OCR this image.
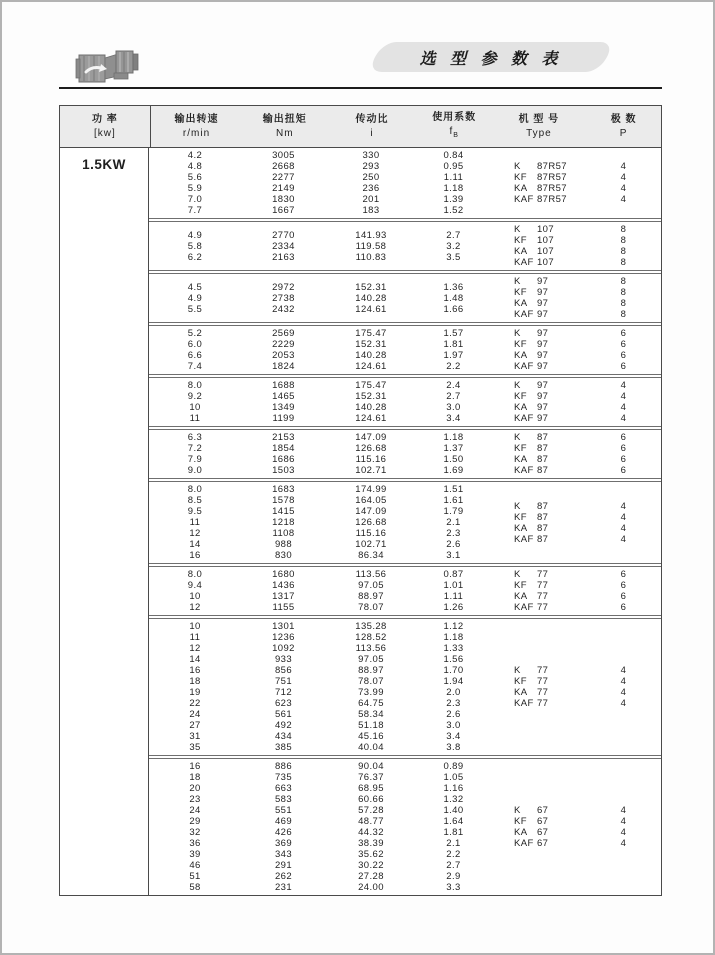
选 型 参 数 表
功 率
[kw]
输出转速
r/min
输出扭矩
Nm
传动比
i
使用系数
$f_B$
机 型 号
Type
极 数
P
1.5KW
4.2
4.8
5.6
5.9
7.0
7.7
3005
2668
2277
2149
1830
1667
330
293
250
236
201
183
0.84
0.95
1.11
1.18
1.39
1.52
K 87R57
KF 87R57
KA 87R57
KAF 87R57
4
4
4
4
4.9
5.8
6.2
2770
2334
2163
141.93
119.58
110.83
2.7
3.2
3.5
K 107
KF 107
KA 107
KAF 107
8
8
8
8
4.5
4.9
5.5
2972
2738
2432
152.31
140.28
124.61
1.36
1.48
1.66
K 97
KF 97
KA 97
KAF 97
8
8
8
8
5.2
6.0
6.6
7.4
2569
2229
2053
1824
175.47
152.31
140.28
124.61
1.57
1.81
1.97
2.2
K 97
KF 97
KA 97
KAF 97
6
6
6
6
8.0
9.2
10
11
1688
1465
1349
1199
175.47
152.31
140.28
124.61
2.4
2.7
3.0
3.4
K 97
KF 97
KA 97
KAF 97
4
4
4
4
6.3
7.2
7.9
9.0
2153
1854
1686
1503
147.09
126.68
115.16
102.71
1.18
1.37
1.50
1.69
K 87
KF 87
KA 87
KAF 87
6
6
6
6
8.0
8.5
9.5
11
12
14
16
1683
1578
1415
1218
1108
988
830
174.99
164.05
147.09
126.68
115.16
102.71
86.34
1.51
1.61
1.79
2.1
2.3
2.6
3.1
K 87
KF 87
KA 87
KAF 87
4
4
4
4
8.0
9.4
10
12
1680
1436
1317
1155
113.56
97.05
88.97
78.07
0.87
1.01
1.11
1.26
K 77
KF 77
KA 77
KAF 77
6
6
6
6
10
11
12
14
16
18
19
22
24
27
31
35
1301
1236
1092
933
856
751
712
623
561
492
434
385
135.28
128.52
113.56
97.05
88.97
78.07
73.99
64.75
58.34
51.18
45.16
40.04
1.12
1.18
1.33
1.56
1.70
1.94
2.0
2.3
2.6
3.0
3.4
3.8
K 77
KF 77
KA 77
KAF 77
4
4
4
4
16
18
20
23
24
29
32
36
39
46
51
58
886
735
663
583
551
469
426
369
343
291
262
231
90.04
76.37
68.95
60.66
57.28
48.77
44.32
38.39
35.62
30.22
27.28
24.00
0.89
1.05
1.16
1.32
1.40
1.64
1.81
2.1
2.2
2.7
2.9
3.3
K 67
KF 67
KA 67
KAF 67
4
4
4
4
